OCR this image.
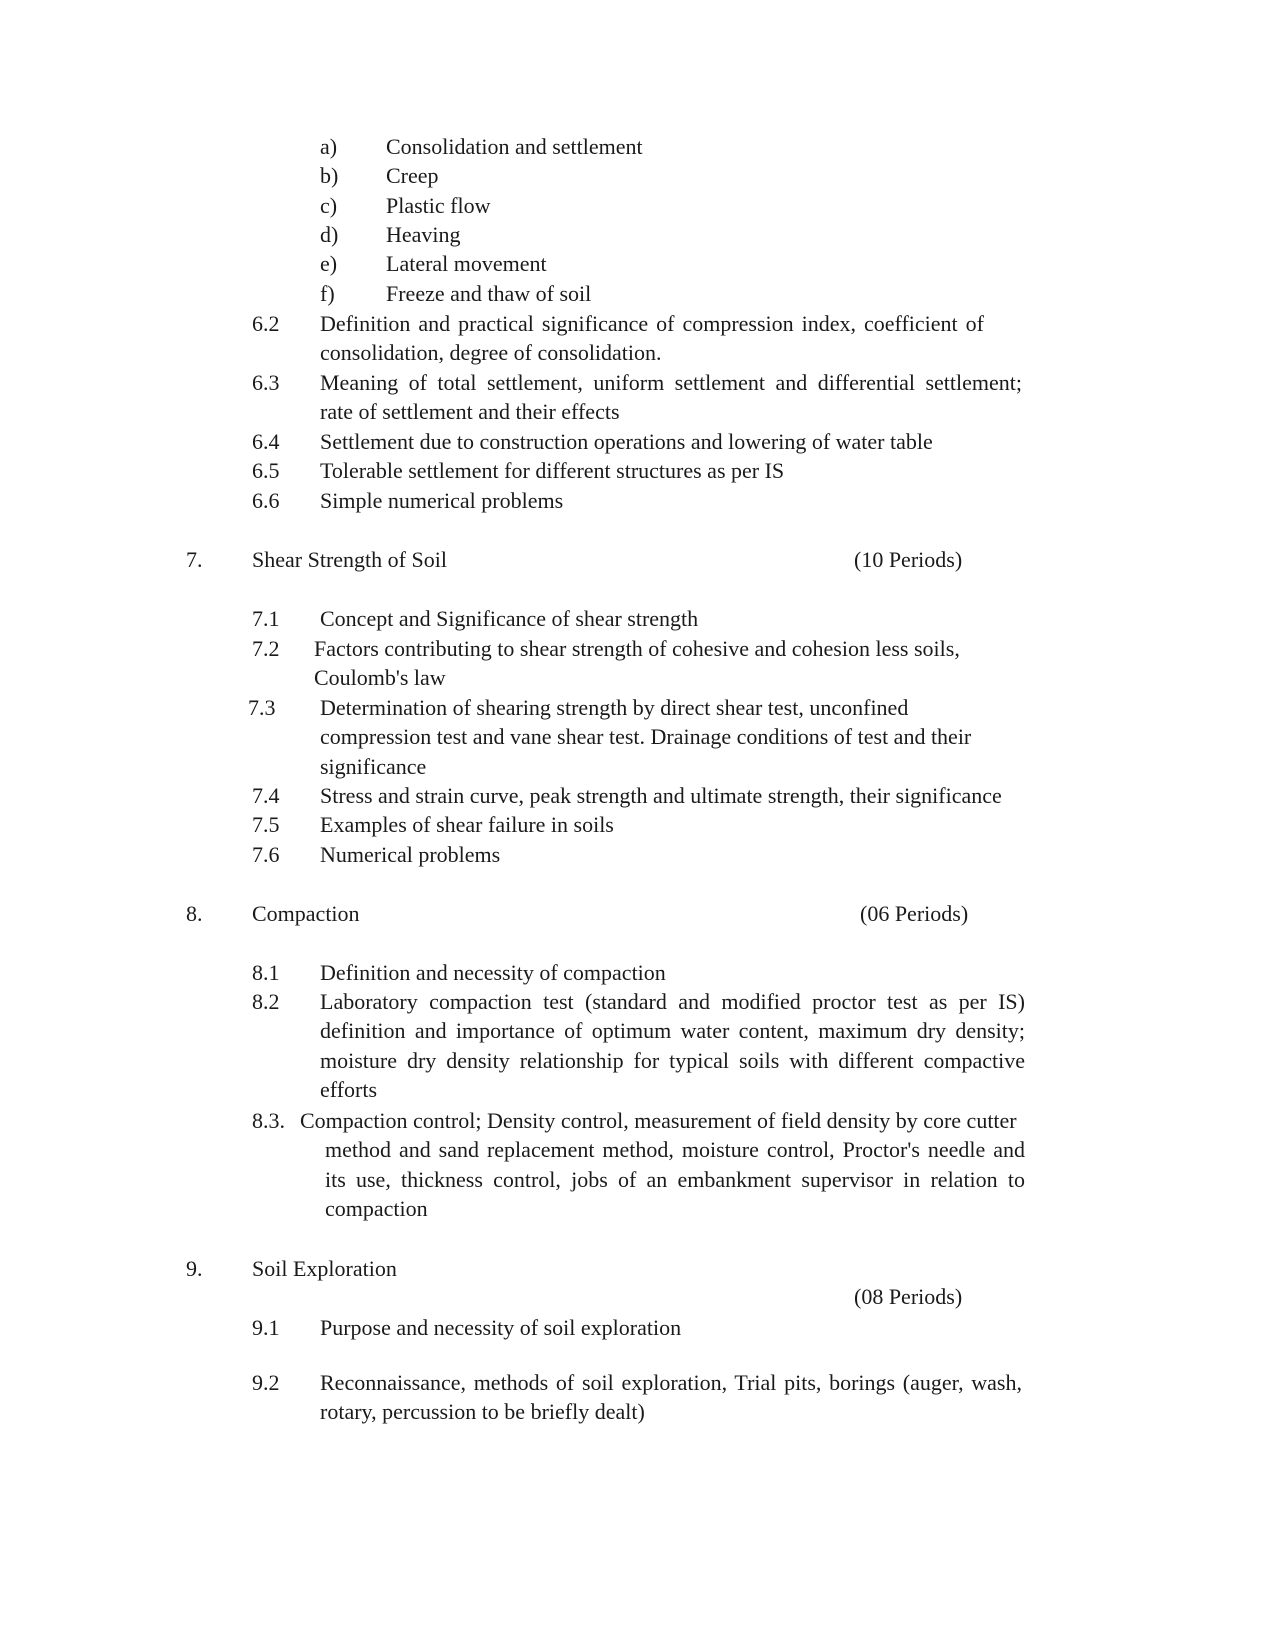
a) Consolidation and settlement
b) Creep
c) Plastic flow
d) Heaving
e) Lateral movement
f) Freeze and thaw of soil
6.2 Definition and practical significance of compression index, coefficient of
consolidation, degree of consolidation.
6.3 Meaning of total settlement, uniform settlement and differential settlement;
rate of settlement and their effects
6.4 Settlement due to construction operations and lowering of water table
6.5 Tolerable settlement for different structures as per IS
6.6 Simple numerical problems
7. Shear Strength of Soil	(10 Periods)
7.1 Concept and Significance of shear strength
7.2 Factors contributing to shear strength of cohesive and cohesion less soils,
Coulomb's law
7.3 Determination of shearing strength by direct shear test, unconfined
compression test and vane shear test. Drainage conditions of test and their
significance
7.4 Stress and strain curve, peak strength and ultimate strength, their significance
7.5 Examples of shear failure in soils
7.6 Numerical problems
8. Compaction	(06 Periods)
8.1 Definition and necessity of compaction
8.2 Laboratory compaction test (standard and modified proctor test as per IS)
definition and importance of optimum water content, maximum dry density;
moisture dry density relationship for typical soils with different compactive
efforts
8.3. Compaction control; Density control, measurement of field density by core cutter
method and sand replacement method, moisture control, Proctor's needle and
its use, thickness control, jobs of an embankment supervisor in relation to
compaction
9. Soil Exploration
(08 Periods)
9.1 Purpose and necessity of soil exploration
9.2 Reconnaissance, methods of soil exploration, Trial pits, borings (auger, wash,
rotary, percussion to be briefly dealt)
